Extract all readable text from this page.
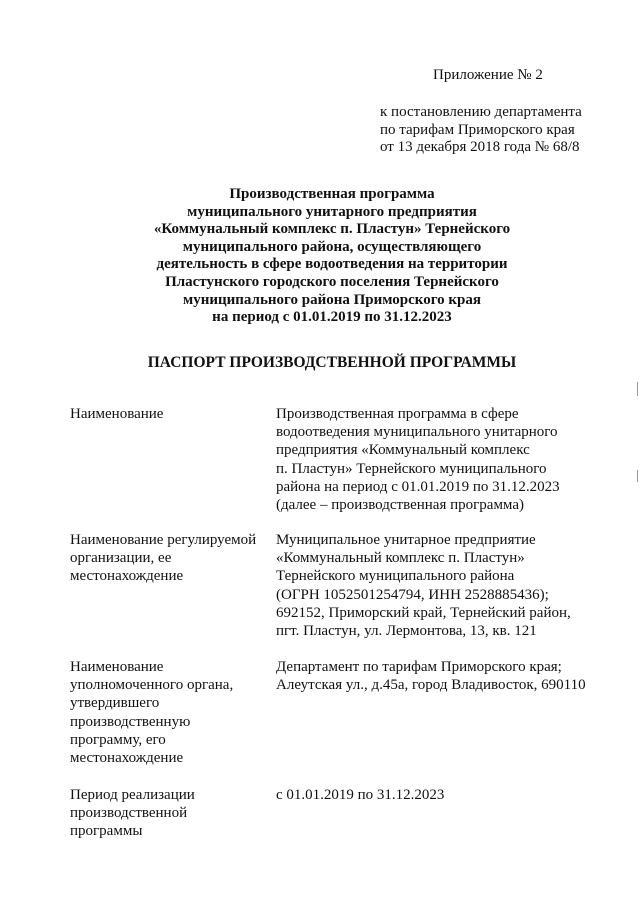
Приложение № 2
к постановлению департамента
по тарифам Приморского края
от 13 декабря 2018 года № 68/8
Производственная программа
муниципального унитарного предприятия
«Коммунальный комплекс п. Пластун» Тернейского
муниципального района, осуществляющего
деятельность в сфере водоотведения на территории
Пластунского городского поселения Тернейского
муниципального района Приморского края
на период с 01.01.2019 по 31.12.2023
ПАСПОРТ ПРОИЗВОДСТВЕННОЙ ПРОГРАММЫ
Наименование	Производственная программа в сфере
водоотведения муниципального унитарного
предприятия «Коммунальный комплекс
п. Пластун» Тернейского муниципального
района на период с 01.01.2019 по 31.12.2023
(далее – производственная программа)
Наименование регулируемой
организации, ее
местонахождение
Муниципальное унитарное предприятие
«Коммунальный комплекс п. Пластун»
Тернейского муниципального района
(ОГРН 1052501254794, ИНН 2528885436);
692152, Приморский край, Тернейский район,
пгт. Пластун, ул. Лермонтова, 13, кв. 121
Наименование
уполномоченного органа,
утвердившего
производственную
программу, его
местонахождение
Департамент по тарифам Приморского края;
Алеутская ул., д.45а, город Владивосток, 690110
Период реализации
производственной
программы
с 01.01.2019 по 31.12.2023
